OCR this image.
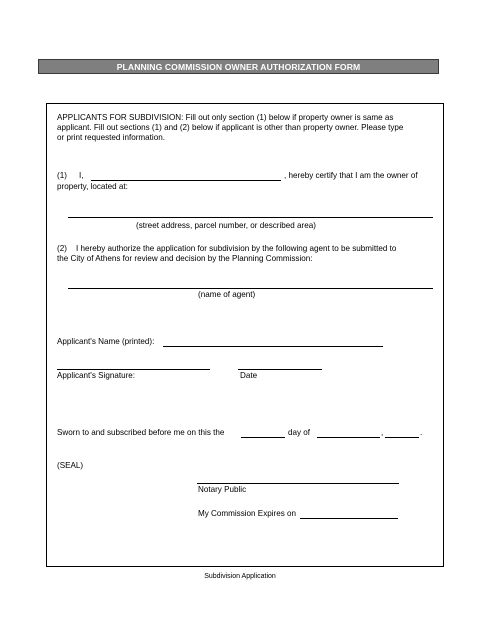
PLANNING COMMISSION OWNER AUTHORIZATION FORM
APPLICANTS FOR SUBDIVISION: Fill out only section (1) below if property owner is same as
applicant. Fill out sections (1) and (2) below if applicant is other than property owner. Please type
or print requested information.
(1) I,	, hereby certify that I am the owner of
property, located at:
(street address, parcel number, or described area)
(2) I hereby authorize the application for subdivision by the following agent to be submitted to
the City of Athens for review and decision by the Planning Commission:
(name of agent)
Applicant's Name (printed):
Applicant's Signature:	Date
Sworn to and subscribed before me on this the	day of	,	.
(SEAL)
Notary Public
My Commission Expires on
Subdivision Application
